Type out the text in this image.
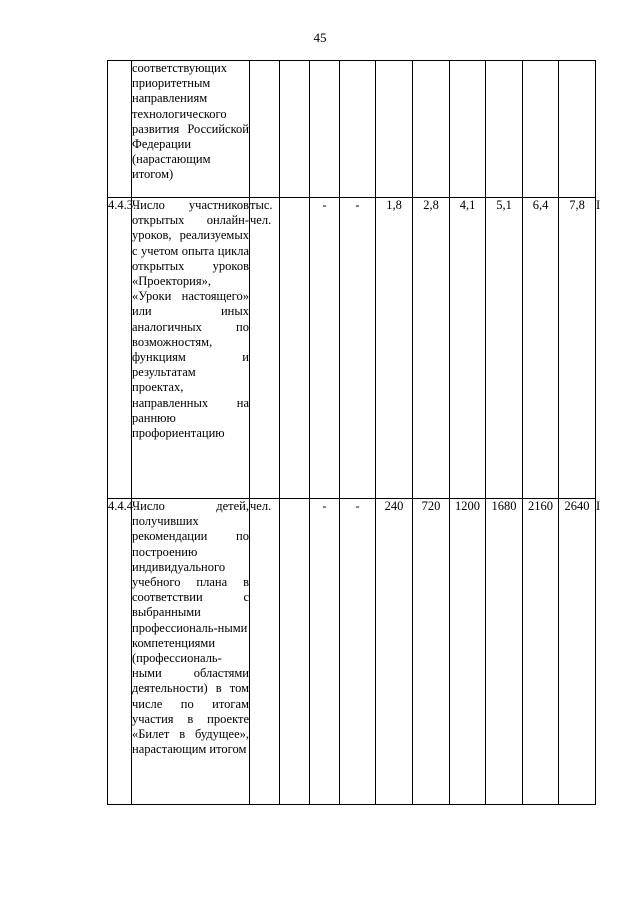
45
	соответствующих приоритетным направлениям технологического развития Российской Федерации (нарастающим итогом)											
4.4.3.	Число участников открытых онлайн-уроков, реализуемых с учетом опыта цикла открытых уроков «Проектория», «Уроки настоящего» или иных аналогичных по возможностям, функциям и результатам проектах, направленных на раннюю профориентацию	тыс. чел.		-	-	1,8	2,8	4,1	5,1	6,4	7,8	I
4.4.4.	Число детей, получивших рекомендации по построению индивидуального учебного плана в соответствии с выбранными профессиональ-ными компетенциями (профессиональ-ными областями деятельности) в том числе по итогам участия в проекте «Билет в будущее», нарастающим итогом	чел.		-	-	240	720	1200	1680	2160	2640	I
